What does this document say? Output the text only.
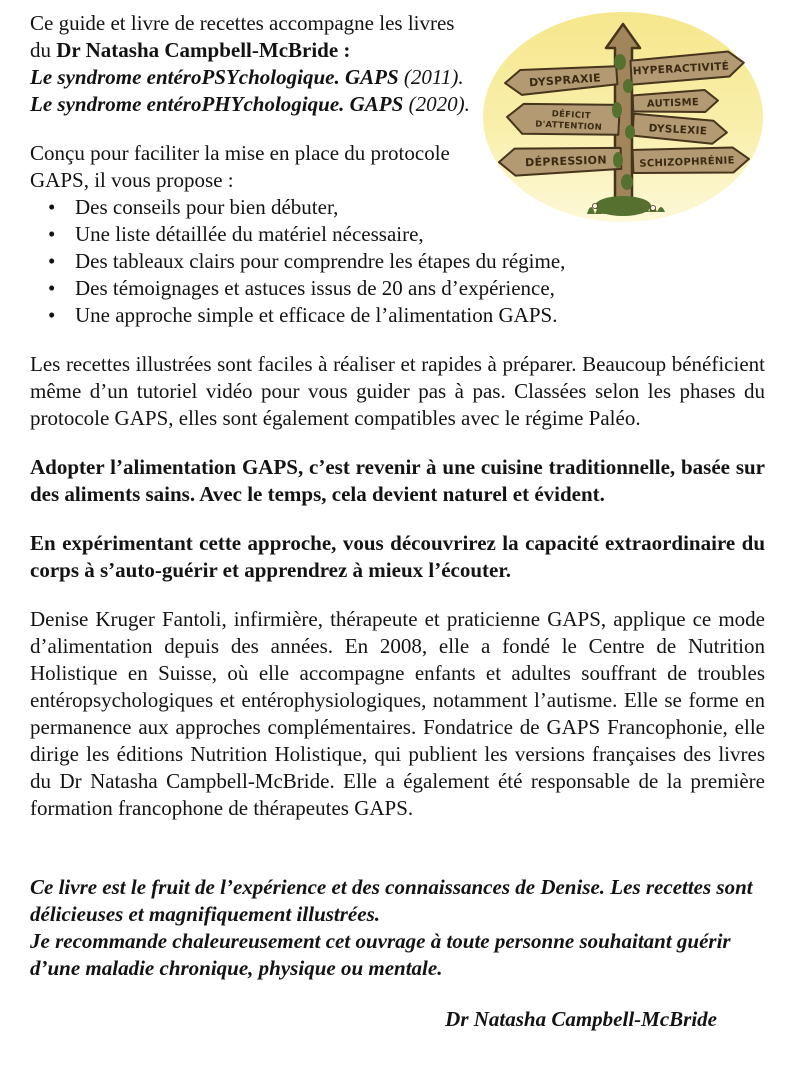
HYPERACTIVITÉ
DYSPRAXIE
AUTISME
DÉFICIT
D'ATTENTION	DYSLEXIE
DÉPRESSION	SCHIZOPHRÉNIE

Ce guide et livre de recettes accompagne les livres du Dr Natasha Campbell-McBride :
Le syndrome entéroPSYchologique. GAPS (2011).
Le syndrome entéroPHYchologique. GAPS (2020).

Conçu pour faciliter la mise en place du protocole GAPS, il vous propose :

• Des conseils pour bien débuter,
• Une liste détaillée du matériel nécessaire,
• Des tableaux clairs pour comprendre les étapes du régime,
• Des témoignages et astuces issus de 20 ans d’expérience,
• Une approche simple et efficace de l’alimentation GAPS.

Les recettes illustrées sont faciles à réaliser et rapides à préparer. Beaucoup bénéficient même d’un tutoriel vidéo pour vous guider pas à pas. Classées selon les phases du protocole GAPS, elles sont également compatibles avec le régime Paléo.

Adopter l’alimentation GAPS, c’est revenir à une cuisine traditionnelle, basée sur des aliments sains. Avec le temps, cela devient naturel et évident.

En expérimentant cette approche, vous découvrirez la capacité extraordinaire du corps à s’auto-guérir et apprendrez à mieux l’écouter.

Denise Kruger Fantoli, infirmière, thérapeute et praticienne GAPS, applique ce mode d’alimentation depuis des années. En 2008, elle a fondé le Centre de Nutrition Holistique en Suisse, où elle accompagne enfants et adultes souffrant de troubles entéropsychologiques et entérophysiologiques, notamment l’autisme. Elle se forme en permanence aux approches complémentaires. Fondatrice de GAPS Francophonie, elle dirige les éditions Nutrition Holistique, qui publient les versions françaises des livres du Dr Natasha Campbell-McBride. Elle a également été responsable de la première formation francophone de thérapeutes GAPS.

Ce livre est le fruit de l’expérience et des connaissances de Denise. Les recettes sont délicieuses et magnifiquement illustrées.

Je recommande chaleureusement cet ouvrage à toute personne souhaitant guérir d’une maladie chronique, physique ou mentale.

Dr Natasha Campbell-McBride
